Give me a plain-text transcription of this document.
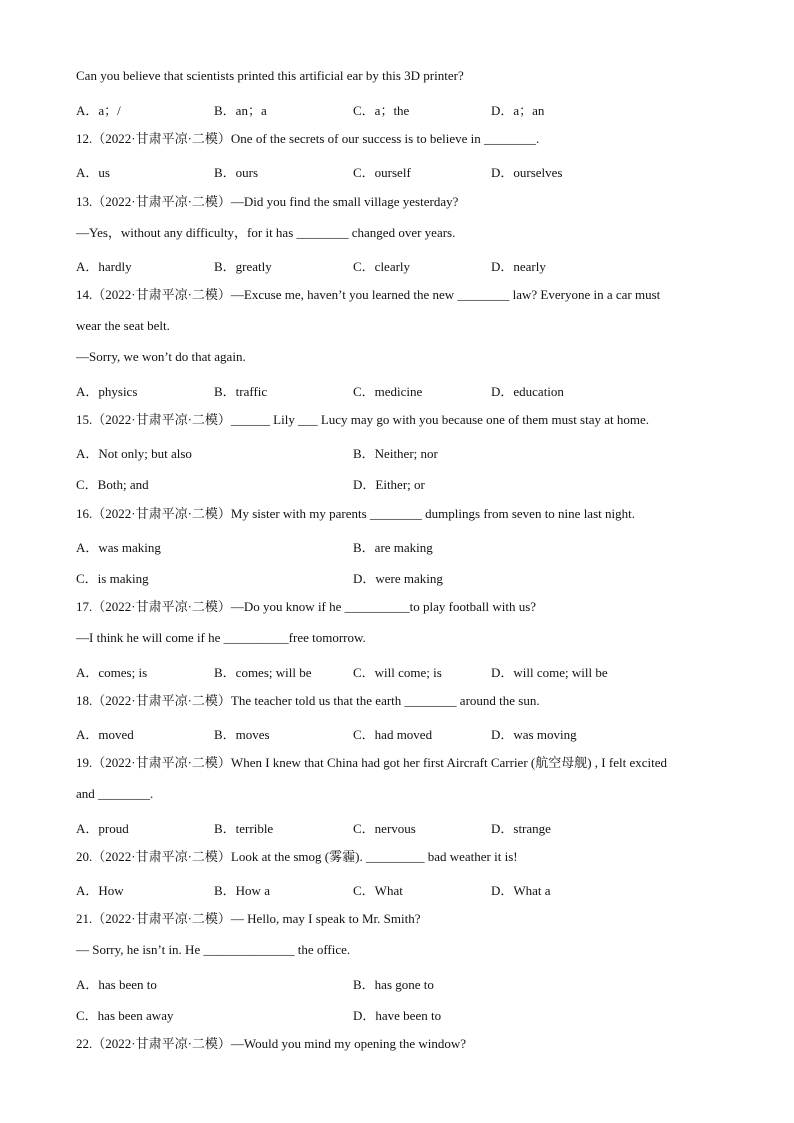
Can you believe that scientists printed this artificial ear by this 3D printer?
A．a；/	B．an；a	C．a；the	D．a；an
12.（2022·甘肃平凉·二模）One of the secrets of our success is to believe in ________.
A．us	B．ours	C．ourself	D．ourselves
13.（2022·甘肃平凉·二模）—Did you find the small village yesterday?
—Yes，without any difficulty，for it has ________ changed over years.
A．hardly	B．greatly	C．clearly	D．nearly
14.（2022·甘肃平凉·二模）—Excuse me, haven’t you learned the new ________ law? Everyone in a car must
wear the seat belt.
—Sorry, we won’t do that again.
A．physics	B．traffic	C．medicine	D．education
15.（2022·甘肃平凉·二模）______ Lily ___ Lucy may go with you because one of them must stay at home.
A．Not only; but also	B．Neither; nor
C．Both; and	D．Either; or
16.（2022·甘肃平凉·二模）My sister with my parents ________ dumplings from seven to nine last night.
A．was making	B．are making
C．is making	D．were making
17.（2022·甘肃平凉·二模）—Do you know if he __________to play football with us?
—I think he will come if he __________free tomorrow.
A．comes; is	B．comes; will be	C．will come; is	D．will come; will be
18.（2022·甘肃平凉·二模）The teacher told us that the earth ________ around the sun.
A．moved	B．moves	C．had moved	D．was moving
19.（2022·甘肃平凉·二模）When I knew that China had got her first Aircraft Carrier (航空母舰) , I felt excited
and ________.
A．proud	B．terrible	C．nervous	D．strange
20.（2022·甘肃平凉·二模）Look at the smog (雾霾). _________ bad weather it is!
A．How	B．How a	C．What	D．What a
21.（2022·甘肃平凉·二模）— Hello, may I speak to Mr. Smith?
— Sorry, he isn’t in. He ______________ the office.
A．has been to	B．has gone to
C．has been away	D．have been to
22.（2022·甘肃平凉·二模）—Would you mind my opening the window?
